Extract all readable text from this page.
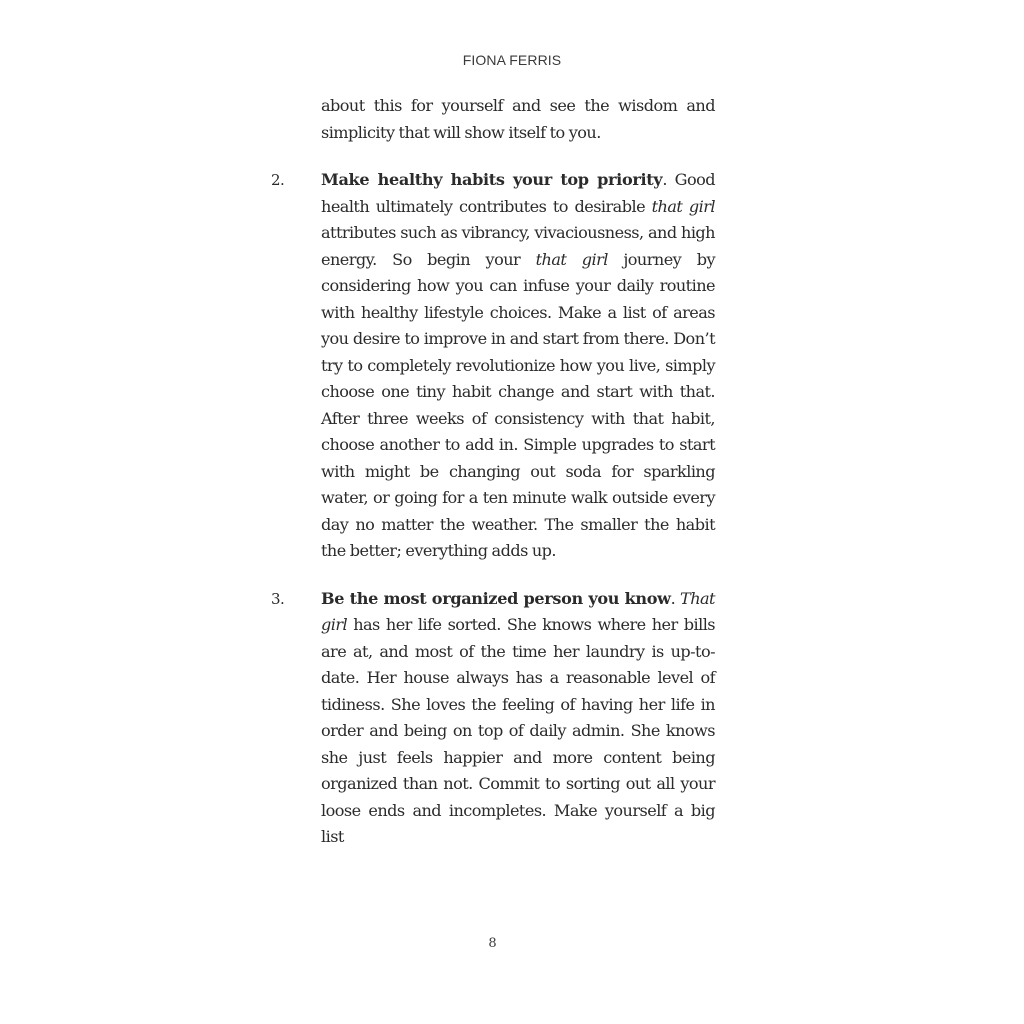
FIONA FERRIS

about this for yourself and see the wisdom and simplicity that will show itself to you.

2. Make healthy habits your top priority. Good health ultimately contributes to desirable that girl attributes such as vibrancy, vivaciousness, and high energy. So begin your that girl journey by considering how you can infuse your daily routine with healthy lifestyle choices. Make a list of areas you desire to improve in and start from there. Don’t try to completely revolutionize how you live, simply choose one tiny habit change and start with that. After three weeks of consistency with that habit, choose another to add in. Simple upgrades to start with might be changing out soda for sparkling water, or going for a ten minute walk outside every day no matter the weather. The smaller the habit the better; everything adds up.

3. Be the most organized person you know. That girl has her life sorted. She knows where her bills are at, and most of the time her laundry is up-to-date. Her house always has a reasonable level of tidiness. She loves the feeling of having her life in order and being on top of daily admin. She knows she just feels happier and more content being organized than not. Commit to sorting out all your loose ends and incompletes. Make yourself a big list

8
